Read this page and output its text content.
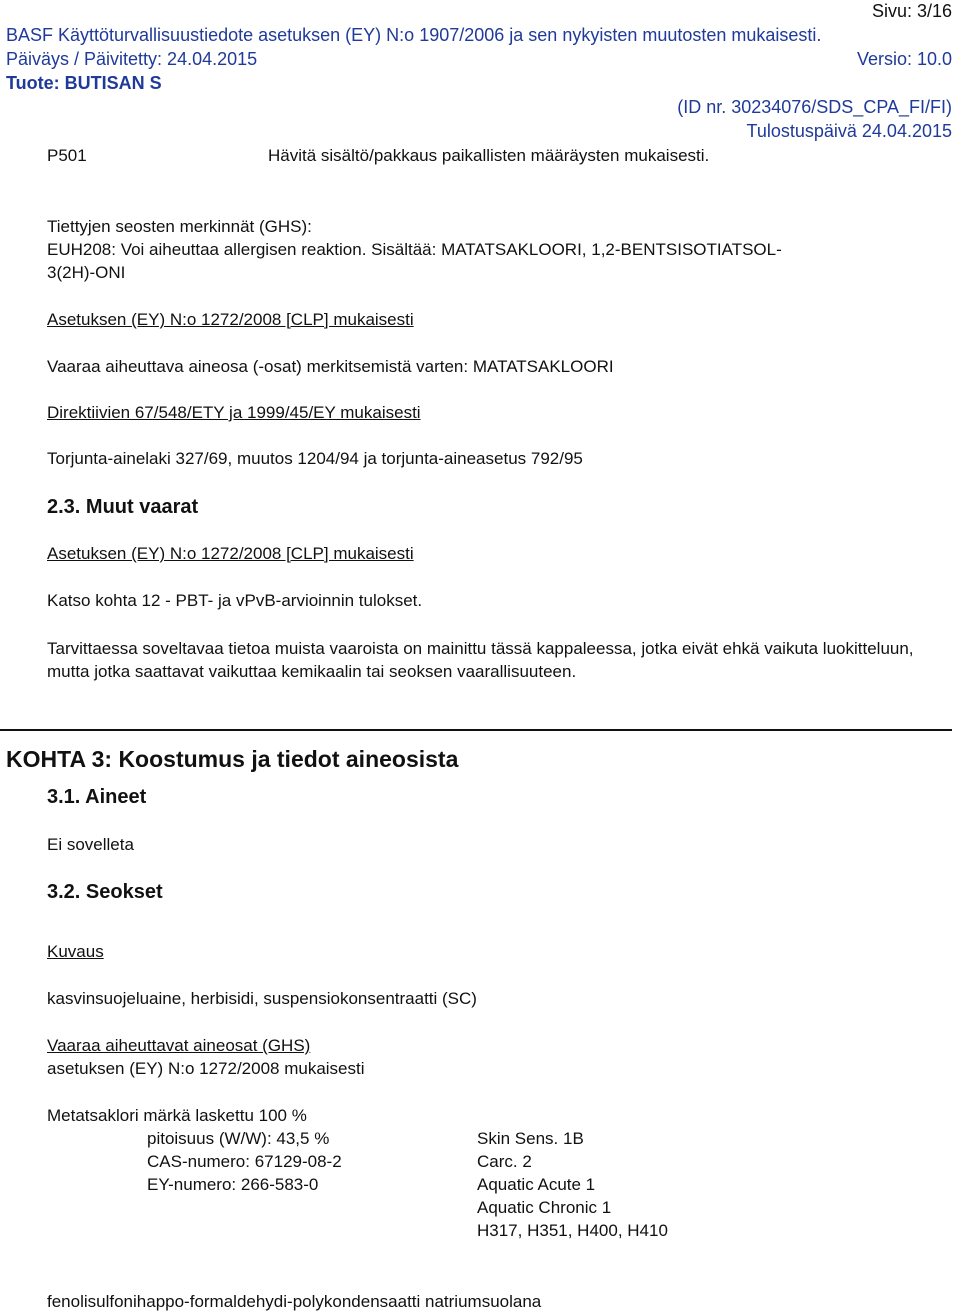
Sivu: 3/16
BASF Käyttöturvallisuustiedote asetuksen (EY) N:o 1907/2006 ja sen nykyisten muutosten mukaisesti.
Päiväys / Päivitetty: 24.04.2015	Versio: 10.0
Tuote: BUTISAN S
(ID nr. 30234076/SDS_CPA_FI/FI)
Tulostuspäivä 24.04.2015
P501	Hävitä sisältö/pakkaus paikallisten määräysten mukaisesti.
Tiettyjen seosten merkinnät (GHS):
EUH208: Voi aiheuttaa allergisen reaktion. Sisältää: MATATSAKLOORI, 1,2-BENTSISOTIATSOL-
3(2H)-ONI
Asetuksen (EY) N:o 1272/2008 [CLP] mukaisesti
Vaaraa aiheuttava aineosa (-osat) merkitsemistä varten: MATATSAKLOORI
Direktiivien 67/548/ETY ja 1999/45/EY mukaisesti
Torjunta-ainelaki 327/69, muutos 1204/94 ja torjunta-aineasetus 792/95
2.3. Muut vaarat
Asetuksen (EY) N:o 1272/2008 [CLP] mukaisesti
Katso kohta 12 - PBT- ja vPvB-arvioinnin tulokset.
Tarvittaessa soveltavaa tietoa muista vaaroista on mainittu tässä kappaleessa, jotka eivät ehkä vaikuta luokitteluun, mutta jotka saattavat vaikuttaa kemikaalin tai seoksen vaarallisuuteen.
KOHTA 3: Koostumus ja tiedot aineosista
3.1. Aineet
Ei sovelleta
3.2. Seokset
Kuvaus
kasvinsuojeluaine, herbisidi, suspensiokonsentraatti (SC)
Vaaraa aiheuttavat aineosat (GHS)
asetuksen (EY) N:o 1272/2008 mukaisesti
Metatsaklori märkä laskettu 100 %
pitoisuus (W/W): 43,5 %
CAS-numero: 67129-08-2
EY-numero: 266-583-0
Skin Sens. 1B
Carc. 2
Aquatic Acute 1
Aquatic Chronic 1
H317, H351, H400, H410
fenolisulfonihappo-formaldehydi-polykondensaatti natriumsuolana
